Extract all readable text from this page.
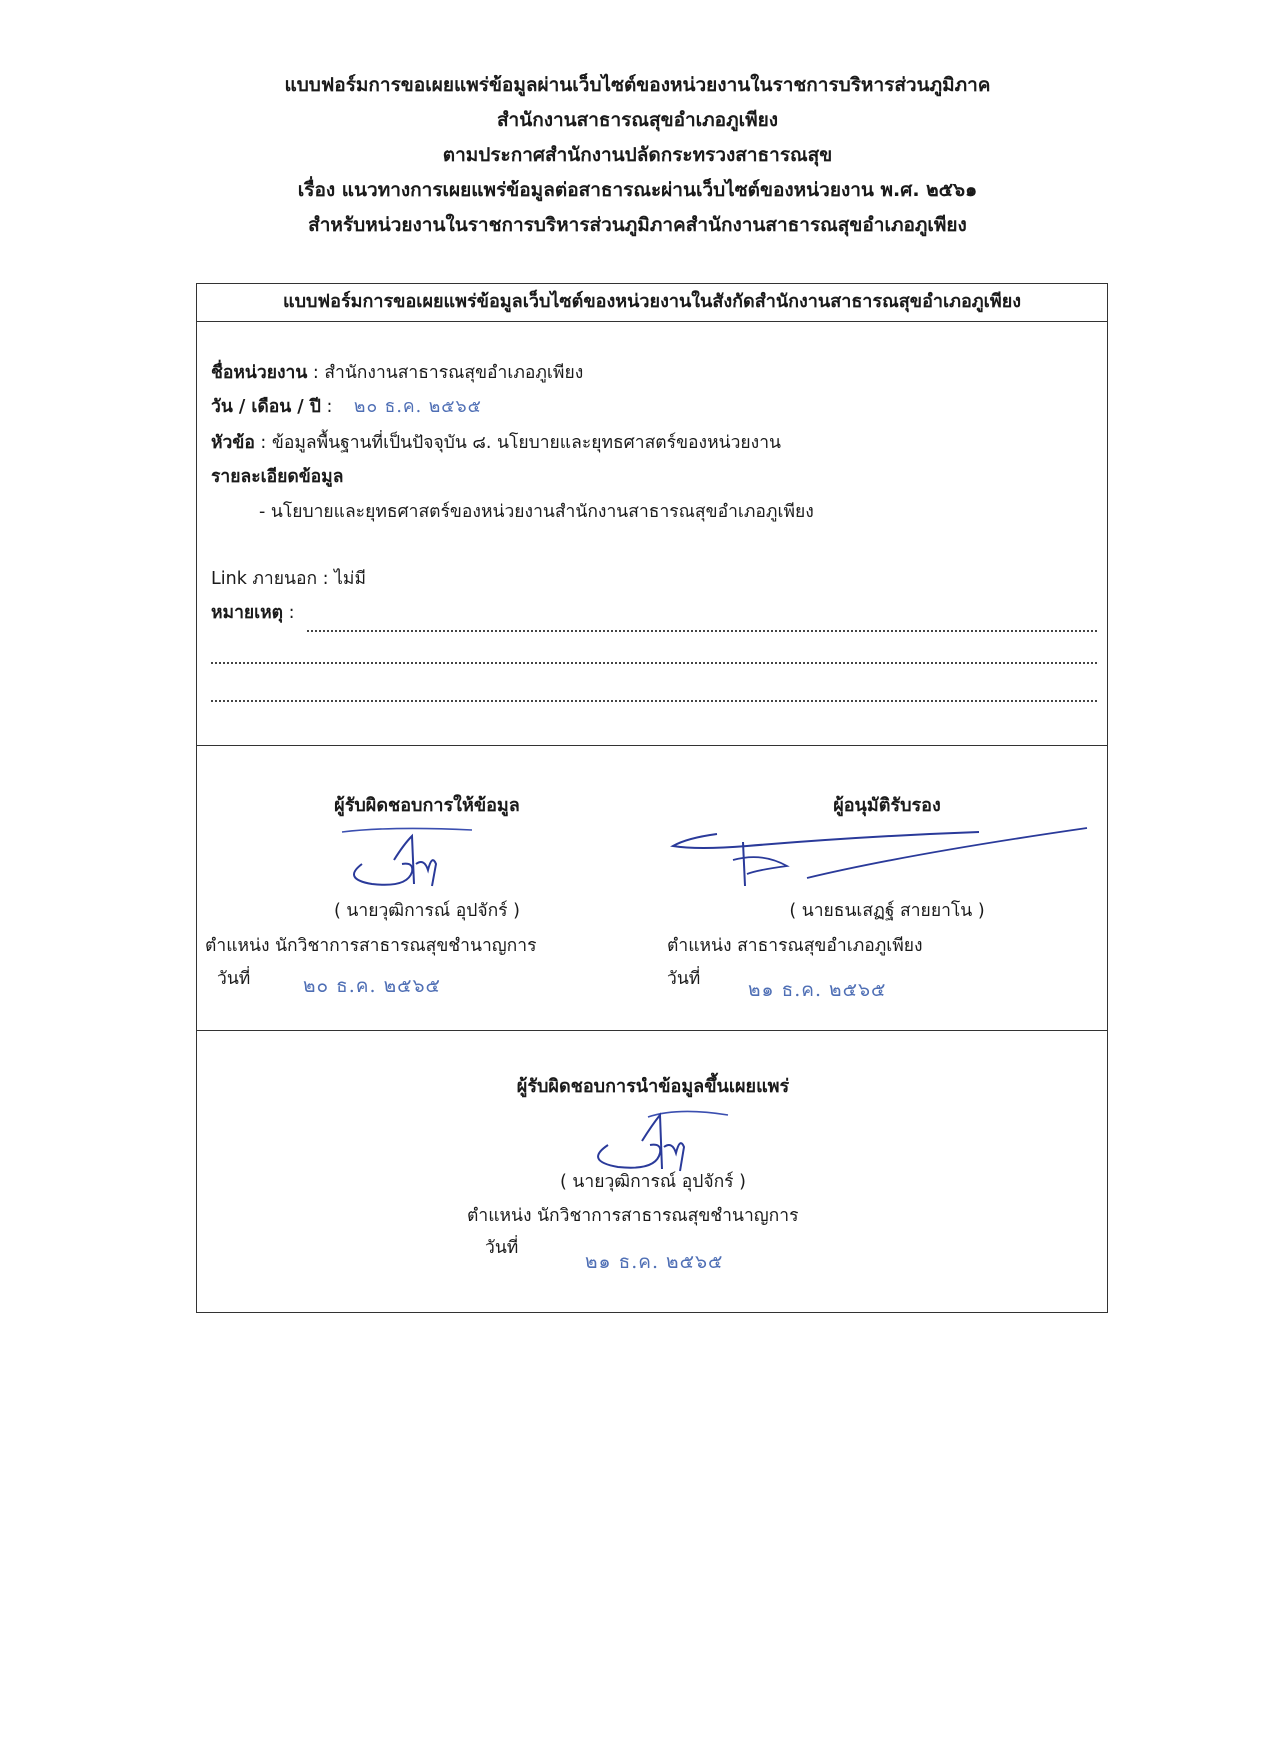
แบบฟอร์มการขอเผยแพร่ข้อมูลผ่านเว็บไซต์ของหน่วยงานในราชการบริหารส่วนภูมิภาค
สำนักงานสาธารณสุขอำเภอภูเพียง
ตามประกาศสำนักงานปลัดกระทรวงสาธารณสุข
เรื่อง แนวทางการเผยแพร่ข้อมูลต่อสาธารณะผ่านเว็บไซต์ของหน่วยงาน พ.ศ. ๒๕๖๑
สำหรับหน่วยงานในราชการบริหารส่วนภูมิภาคสำนักงานสาธารณสุขอำเภอภูเพียง
แบบฟอร์มการขอเผยแพร่ข้อมูลเว็บไซต์ของหน่วยงานในสังกัดสำนักงานสาธารณสุขอำเภอภูเพียง
ชื่อหน่วยงาน : สำนักงานสาธารณสุขอำเภอภูเพียง
วัน / เดือน / ปี : ๒๐ ธ.ค. ๒๕๖๕
หัวข้อ : ข้อมูลพื้นฐานที่เป็นปัจจุบัน ๘. นโยบายและยุทธศาสตร์ของหน่วยงาน
รายละเอียดข้อมูล
- นโยบายและยุทธศาสตร์ของหน่วยงานสำนักงานสาธารณสุขอำเภอภูเพียง
Link ภายนอก : ไม่มี
หมายเหตุ :
ผู้รับผิดชอบการให้ข้อมูล
( นายวุฒิการณ์ อุปจักร์ )
ตำแหน่ง นักวิชาการสาธารณสุขชำนาญการ
วันที่	๒๐ ธ.ค. ๒๕๖๕
ผู้อนุมัติรับรอง
( นายธนเสฏฐ์ สายยาโน )
ตำแหน่ง สาธารณสุขอำเภอภูเพียง
วันที่	๒๑ ธ.ค. ๒๕๖๕
ผู้รับผิดชอบการนำข้อมูลขึ้นเผยแพร่
( นายวุฒิการณ์ อุปจักร์ )
ตำแหน่ง นักวิชาการสาธารณสุขชำนาญการ
วันที่
๒๑ ธ.ค. ๒๕๖๕
